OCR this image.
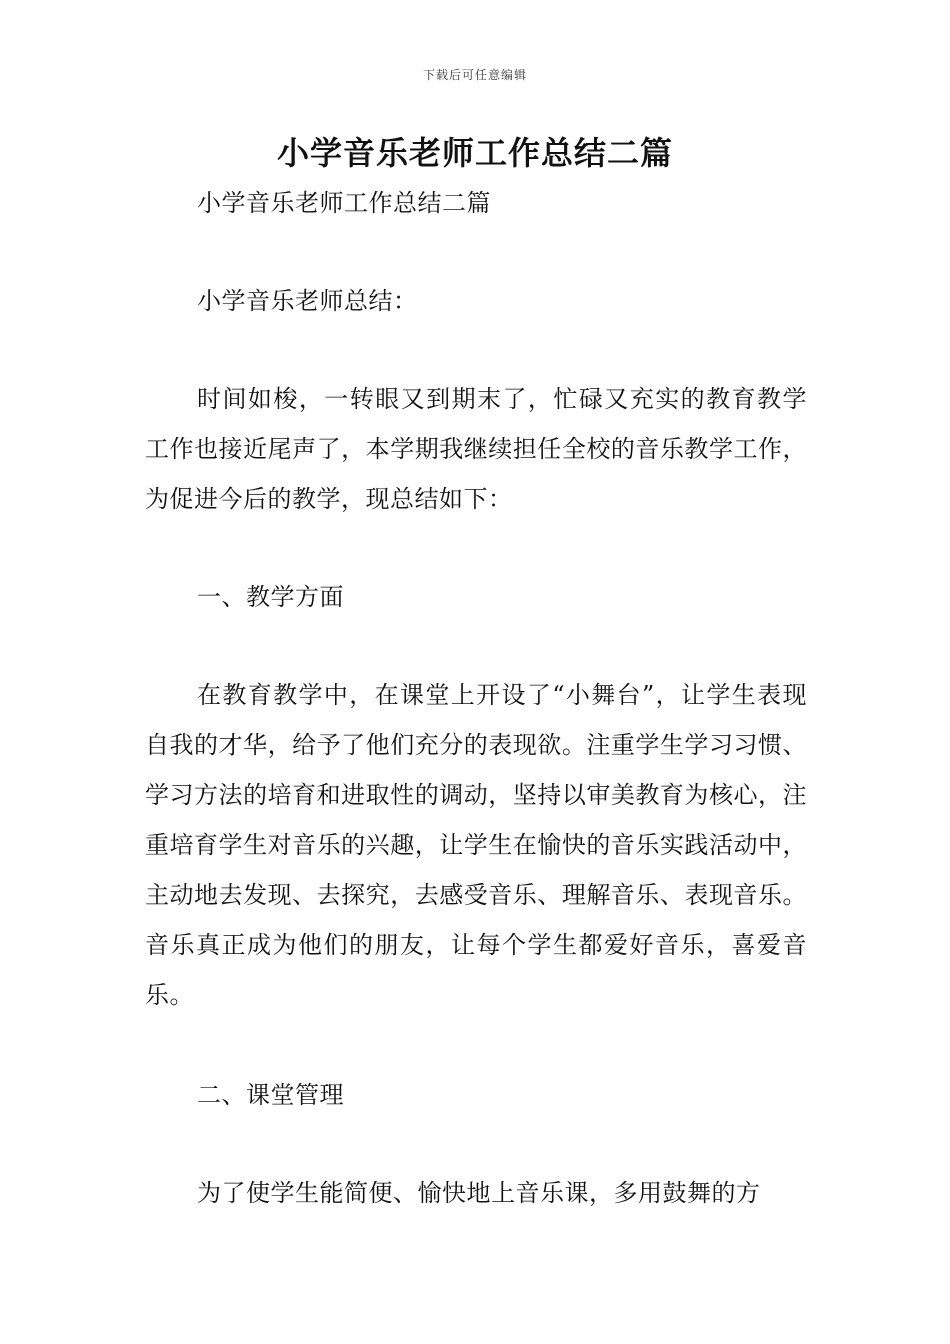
下载后可任意编辑
小学音乐老师工作总结二篇

小学音乐老师工作总结二篇

小学音乐老师总结：

时间如梭，一转眼又到期末了，忙碌又充实的教育教学工作也接近尾声了，本学期我继续担任全校的音乐教学工作，为促进今后的教学，现总结如下：

一、教学方面

在教育教学中，在课堂上开设了“小舞台”，让学生表现自我的才华，给予了他们充分的表现欲。注重学生学习习惯、学习方法的培育和进取性的调动，坚持以审美教育为核心，注重培育学生对音乐的兴趣，让学生在愉快的音乐实践活动中，主动地去发现、去探究，去感受音乐、理解音乐、表现音乐。音乐真正成为他们的朋友，让每个学生都爱好音乐，喜爱音乐。

二、课堂管理

为了使学生能简便、愉快地上音乐课，多用鼓舞的方
